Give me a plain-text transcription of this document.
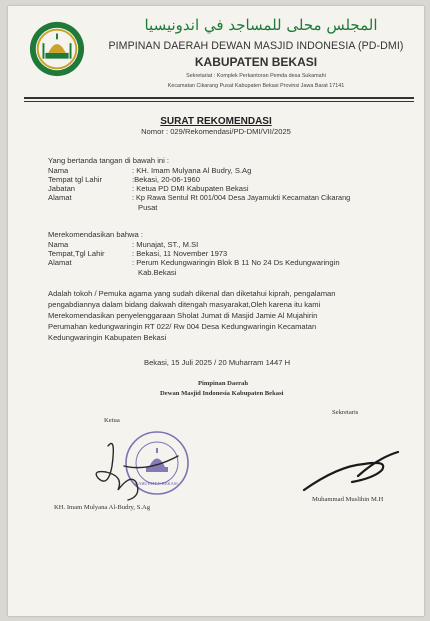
المجلس محلى للمساجد في اندونيسيا
PIMPINAN DAERAH DEWAN MASJID INDONESIA (PD-DMI)
KABUPATEN BEKASI
Sekretariat : Komplek Perkantoran Pemda desa Sukamahi
Kecamatan Cikarang Pusat Kabupaten Bekasi Provinsi Jawa Barat 17141
SURAT REKOMENDASI
Nomor : 029/Rekomendasi/PD-DMI/VII/2025
Yang bertanda tangan di bawah ini :
Nama	: KH. Imam Mulyana Al Budry, S.Ag
Tempat tgl Lahir	:Bekasi, 20-06-1960
Jabatan	: Ketua PD DMI Kabupaten Bekasi
Alamat	: Kp Rawa Sentul Rt 001/004 Desa Jayamukti Kecamatan Cikarang
Pusat
Merekomendasikan bahwa :
Nama	: Munajat, ST., M.SI
Tempat,Tgl Lahir	: Bekasi, 11 November 1973
Alamat	: Perum Kedungwaringin Blok B 11 No 24 Ds Kedungwaringin
Kab.Bekasi
Adalah tokoh / Pemuka agama yang sudah dikenal dan diketahui kiprah, pengalaman
pengabdiannya dalam bidang dakwah ditengah masyarakat,Oleh karena itu kami
Merekomendasikan penyelenggaraan Sholat Jumat di Masjid Jamie Al Mujahirin
Perumahan kedungwaringin RT 022/ Rw 004 Desa Kedungwaringin Kecamatan
Kedungwaringin Kabupaten Bekasi
Bekasi, 15 Juli 2025 / 20 Muharram 1447 H
Pimpinan Daerah
Dewan Masjid Indonesia Kabupaten Bekasi
Ketua
Sekretaris
KABUPATEN BEKASI
KH. Imam Mulyana Al-Budry, S.Ag
Muhammad Muslihin M.H
